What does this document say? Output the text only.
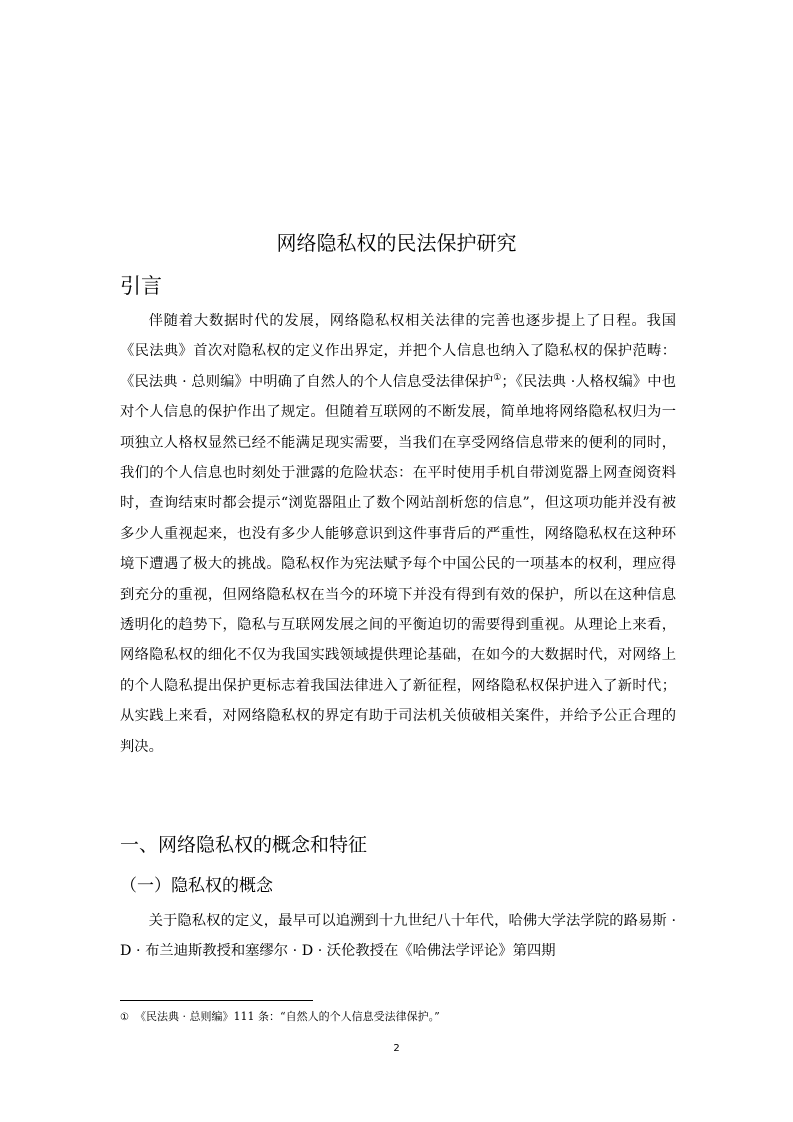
网络隐私权的民法保护研究
引言

伴随着大数据时代的发展，网络隐私权相关法律的完善也逐步提上了日程。我国《民法典》首次对隐私权的定义作出界定，并把个人信息也纳入了隐私权的保护范畴：《民法典 · 总则编》中明确了自然人的个人信息受法律保护①；《民法典 ·人格权编》中也对个人信息的保护作出了规定。但随着互联网的不断发展，简单地将网络隐私权归为一项独立人格权显然已经不能满足现实需要，当我们在享受网络信息带来的便利的同时，我们的个人信息也时刻处于泄露的危险状态：在平时使用手机自带浏览器上网查阅资料时，查询结束时都会提示“浏览器阻止了数个网站剖析您的信息”，但这项功能并没有被多少人重视起来，也没有多少人能够意识到这件事背后的严重性，网络隐私权在这种环境下遭遇了极大的挑战。隐私权作为宪法赋予每个中国公民的一项基本的权利，理应得到充分的重视，但网络隐私权在当今的环境下并没有得到有效的保护，所以在这种信息透明化的趋势下，隐私与互联网发展之间的平衡迫切的需要得到重视。从理论上来看，网络隐私权的细化不仅为我国实践领域提供理论基础，在如今的大数据时代，对网络上的个人隐私提出保护更标志着我国法律进入了新征程，网络隐私权保护进入了新时代；从实践上来看，对网络隐私权的界定有助于司法机关侦破相关案件，并给予公正合理的判决。

一、网络隐私权的概念和特征
（一）隐私权的概念

关于隐私权的定义，最早可以追溯到十九世纪八十年代，哈佛大学法学院的路易斯 · D · 布兰迪斯教授和塞缪尔 · D · 沃伦教授在《哈佛法学评论》第四期

① 《民法典 · 总则编》111 条：“自然人的个人信息受法律保护。”
2
